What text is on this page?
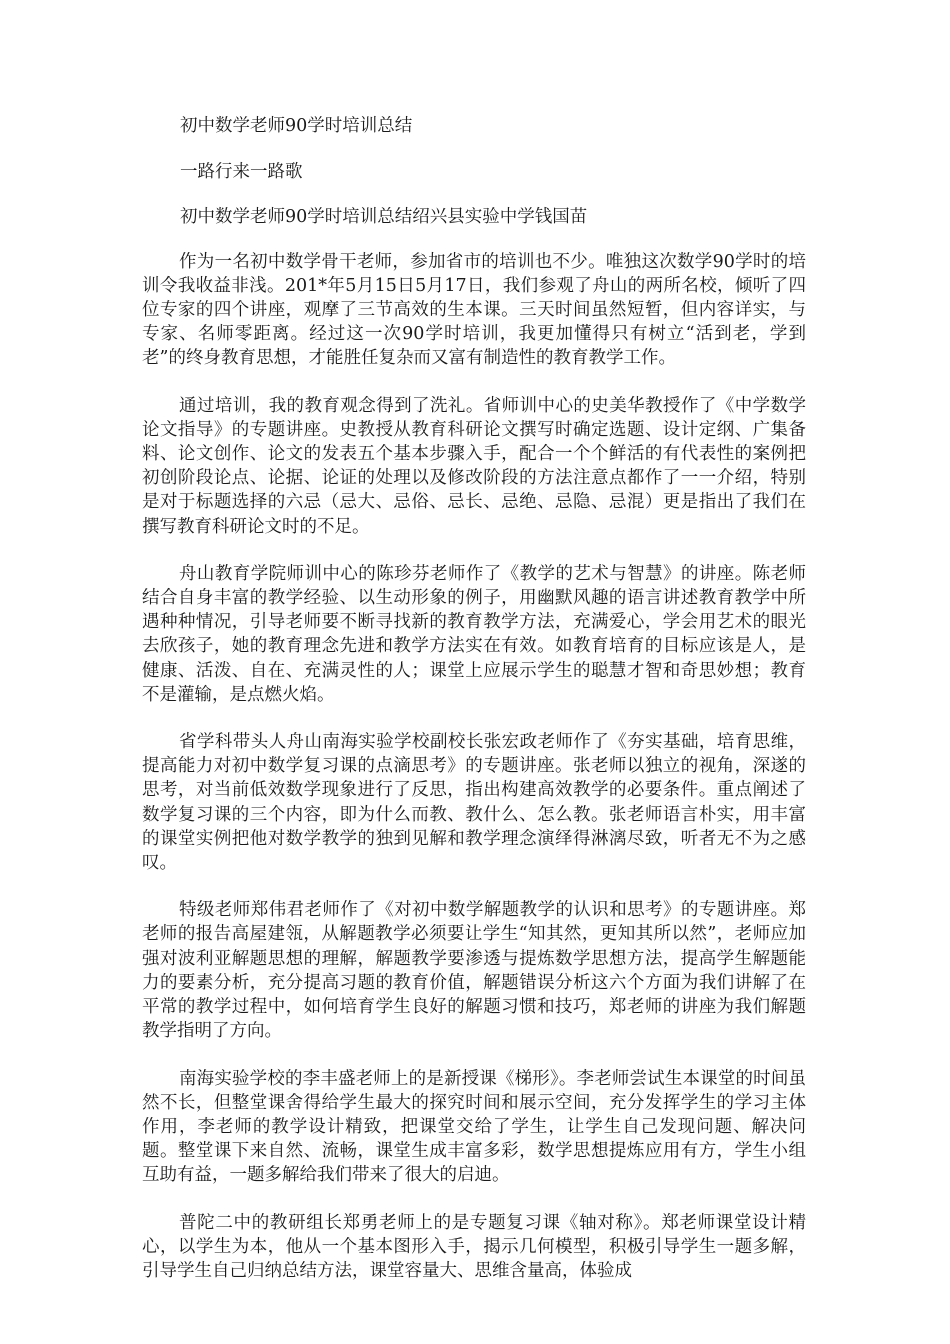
初中数学老师90学时培训总结

一路行来一路歌

初中数学老师90学时培训总结绍兴县实验中学钱国苗

作为一名初中数学骨干老师，参加省市的培训也不少。唯独这次数学90学时的培训令我收益非浅。201*年5月15日5月17日，我们参观了舟山的两所名校，倾听了四位专家的四个讲座，观摩了三节高效的生本课。三天时间虽然短暂，但内容详实，与专家、名师零距离。经过这一次90学时培训，我更加懂得只有树立“活到老，学到老”的终身教育思想，才能胜任复杂而又富有制造性的教育教学工作。

通过培训，我的教育观念得到了洗礼。省师训中心的史美华教授作了《中学数学论文指导》的专题讲座。史教授从教育科研论文撰写时确定选题、设计定纲、广集备料、论文创作、论文的发表五个基本步骤入手，配合一个个鲜活的有代表性的案例把初创阶段论点、论据、论证的处理以及修改阶段的方法注意点都作了一一介绍，特别是对于标题选择的六忌（忌大、忌俗、忌长、忌绝、忌隐、忌混）更是指出了我们在撰写教育科研论文时的不足。

舟山教育学院师训中心的陈珍芬老师作了《教学的艺术与智慧》的讲座。陈老师结合自身丰富的教学经验、以生动形象的例子，用幽默风趣的语言讲述教育教学中所遇种种情况，引导老师要不断寻找新的教育教学方法，充满爱心，学会用艺术的眼光去欣孩子，她的教育理念先进和教学方法实在有效。如教育培育的目标应该是人，是健康、活泼、自在、充满灵性的人；课堂上应展示学生的聪慧才智和奇思妙想；教育不是灌输，是点燃火焰。

省学科带头人舟山南海实验学校副校长张宏政老师作了《夯实基础，培育思维，提高能力对初中数学复习课的点滴思考》的专题讲座。张老师以独立的视角，深遂的思考，对当前低效数学现象进行了反思，指出构建高效教学的必要条件。重点阐述了数学复习课的三个内容，即为什么而教、教什么、怎么教。张老师语言朴实，用丰富的课堂实例把他对数学教学的独到见解和教学理念演绎得淋漓尽致，听者无不为之感叹。

特级老师郑伟君老师作了《对初中数学解题教学的认识和思考》的专题讲座。郑老师的报告高屋建瓴，从解题教学必须要让学生“知其然，更知其所以然”，老师应加强对波利亚解题思想的理解，解题教学要渗透与提炼数学思想方法，提高学生解题能力的要素分析，充分提高习题的教育价值，解题错误分析这六个方面为我们讲解了在平常的教学过程中，如何培育学生良好的解题习惯和技巧，郑老师的讲座为我们解题教学指明了方向。

南海实验学校的李丰盛老师上的是新授课《梯形》。李老师尝试生本课堂的时间虽然不长，但整堂课舍得给学生最大的探究时间和展示空间，充分发挥学生的学习主体作用，李老师的教学设计精致，把课堂交给了学生，让学生自己发现问题、解决问题。整堂课下来自然、流畅，课堂生成丰富多彩，数学思想提炼应用有方，学生小组互助有益，一题多解给我们带来了很大的启迪。

普陀二中的教研组长郑勇老师上的是专题复习课《轴对称》。郑老师课堂设计精心，以学生为本，他从一个基本图形入手，揭示几何模型，积极引导学生一题多解，引导学生自己归纳总结方法，课堂容量大、思维含量高，体验成
